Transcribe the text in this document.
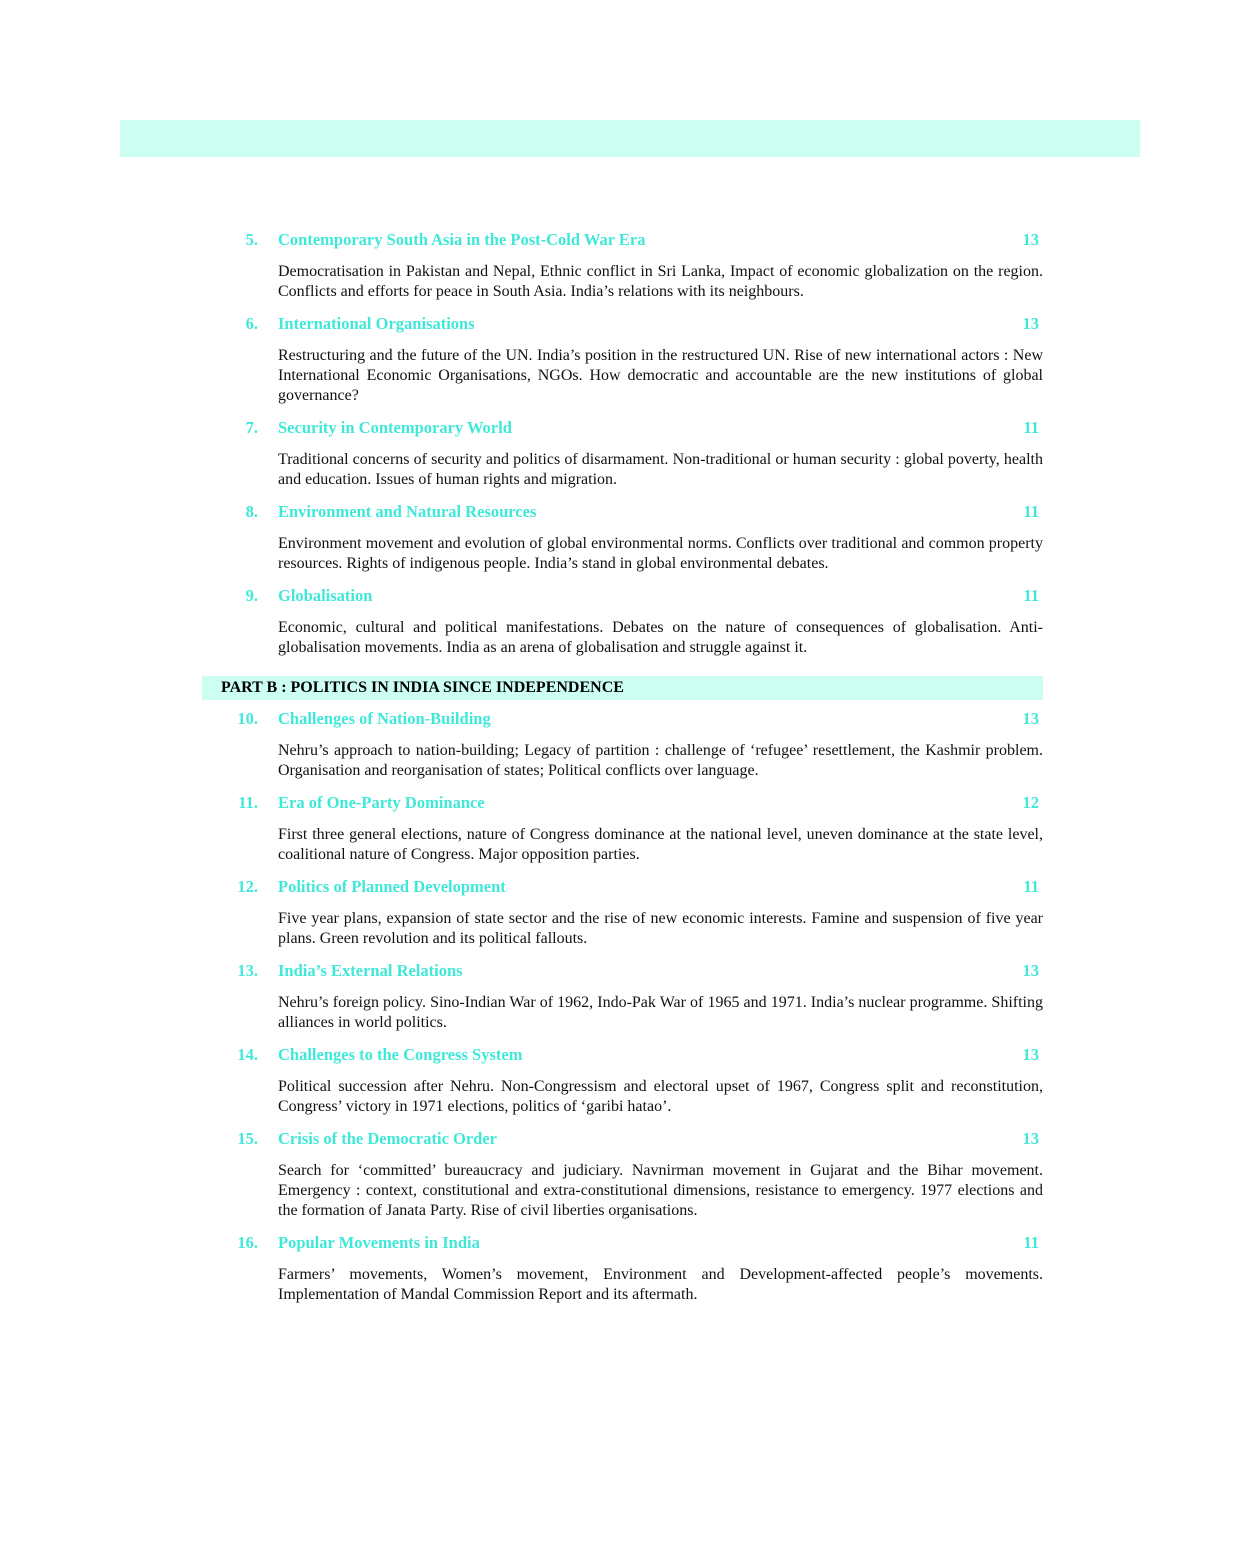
5. Contemporary South Asia in the Post-Cold War Era	13
Democratisation in Pakistan and Nepal, Ethnic conflict in Sri Lanka, Impact of economic globalization on the region. Conflicts and efforts for peace in South Asia. India’s relations with its neighbours.
6. International Organisations	13
Restructuring and the future of the UN. India’s position in the restructured UN. Rise of new international actors : New International Economic Organisations, NGOs. How democratic and accountable are the new institutions of global governance?
7. Security in Contemporary World	11
Traditional concerns of security and politics of disarmament. Non-traditional or human security : global poverty, health and education. Issues of human rights and migration.
8. Environment and Natural Resources	11
Environment movement and evolution of global environmental norms. Conflicts over traditional and common property resources. Rights of indigenous people. India’s stand in global environmental debates.
9. Globalisation	11
Economic, cultural and political manifestations. Debates on the nature of consequences of globalisation. Anti-globalisation movements. India as an arena of globalisation and struggle against it.
PART B : POLITICS IN INDIA SINCE INDEPENDENCE
10. Challenges of Nation-Building	13
Nehru’s approach to nation-building; Legacy of partition : challenge of ‘refugee’ resettlement, the Kashmir problem. Organisation and reorganisation of states; Political conflicts over language.
11. Era of One-Party Dominance	12
First three general elections, nature of Congress dominance at the national level, uneven dominance at the state level, coalitional nature of Congress. Major opposition parties.
12. Politics of Planned Development	11
Five year plans, expansion of state sector and the rise of new economic interests. Famine and suspension of five year plans. Green revolution and its political fallouts.
13. India’s External Relations	13
Nehru’s foreign policy. Sino-Indian War of 1962, Indo-Pak War of 1965 and 1971. India’s nuclear programme. Shifting alliances in world politics.
14. Challenges to the Congress System	13
Political succession after Nehru. Non-Congressism and electoral upset of 1967, Congress split and reconstitution, Congress’ victory in 1971 elections, politics of ‘garibi hatao’.
15. Crisis of the Democratic Order	13
Search for ‘committed’ bureaucracy and judiciary. Navnirman movement in Gujarat and the Bihar movement. Emergency : context, constitutional and extra-constitutional dimensions, resistance to emergency. 1977 elections and the formation of Janata Party. Rise of civil liberties organisations.
16. Popular Movements in India	11
Farmers’ movements, Women’s movement, Environment and Development-affected people’s movements. Implementation of Mandal Commission Report and its aftermath.
